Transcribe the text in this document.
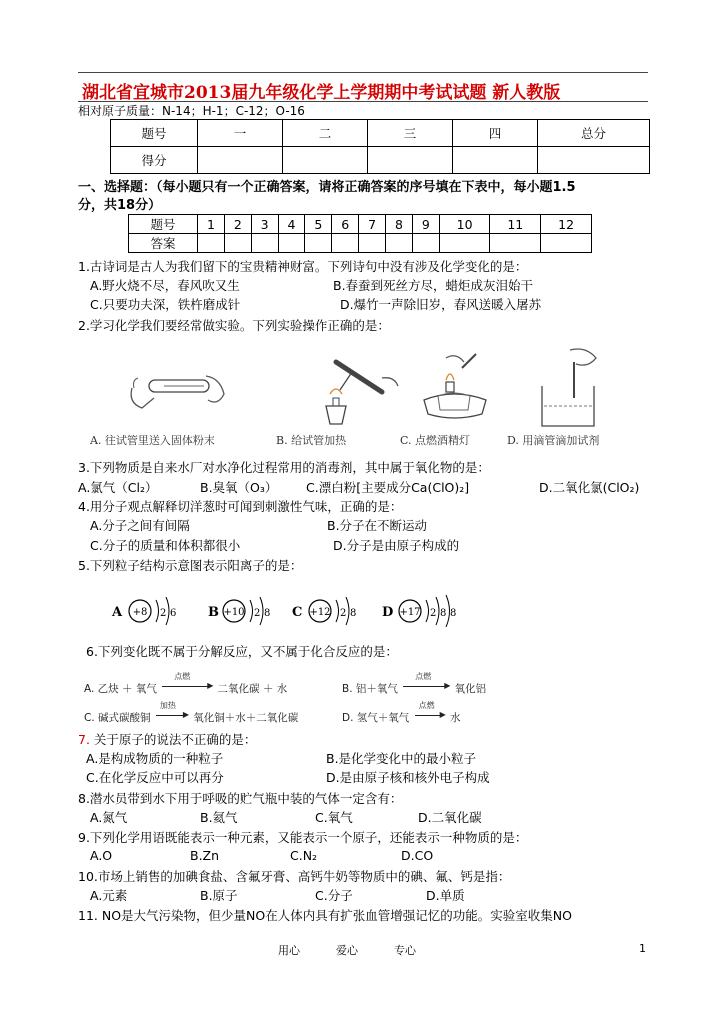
湖北省宜城市2013届九年级化学上学期期中考试试题 新人教版
相对原子质量：N-14；H-1；C-12；O-16
题号	一	二	三	四	总分
得分					
一、选择题：（每小题只有一个正确答案，请将正确答案的序号填在下表中，每小题1.5
分，共18分）
题号	1	2	3	4	5	6	7	8	9	10	11	12
答案												
1.古诗词是古人为我们留下的宝贵精神财富。下列诗句中没有涉及化学变化的是：
A.野火烧不尽，春风吹又生	B.春蚕到死丝方尽，蜡炬成灰泪始干
C.只要功夫深，铁杵磨成针	D.爆竹一声除旧岁，春风送暖入屠苏
2.学习化学我们要经常做实验。下列实验操作正确的是：
A. 往试管里送入固体粉末	B. 给试管加热	C. 点燃酒精灯	D. 用滴管滴加试剂
3.下列物质是自来水厂对水净化过程常用的消毒剂，其中属于氧化物的是：
A.氯气（Cl₂）	B.臭氧（O₃） C.漂白粉[主要成分Ca(ClO)₂]	D.二氧化氯(ClO₂)
4.用分子观点解释切洋葱时可闻到刺激性气味，正确的是：
A.分子之间有间隔	B.分子在不断运动
C.分子的质量和体积都很小	D.分子是由原子构成的
5.下列粒子结构示意图表示阳离子的是：
A +8 2 6 B +10 2 8 C +12 2 8 D +17 2 8 8
6.下列变化既不属于分解反应，又不属于化合反应的是：
A. 乙炔 ＋ 氧气
点燃
▶ 二氧化碳 ＋ 水	B. 铝＋氧气
点燃
▶ 氧化铝
C. 碱式碳酸铜
加热
▶ 氧化铜＋水＋二氧化碳	D. 氢气＋氧气
点燃
▶ 水
7. 关于原子的说法不正确的是：
A.是构成物质的一种粒子	B.是化学变化中的最小粒子
C.在化学反应中可以再分	D.是由原子核和核外电子构成
8.潜水员带到水下用于呼吸的贮气瓶中装的气体一定含有：
A.氮气	B.氦气	C.氧气	D.二氧化碳
9.下列化学用语既能表示一种元素，又能表示一个原子，还能表示一种物质的是：
A.O	B.Zn	C.N₂	D.CO
10.市场上销售的加碘食盐、含氟牙膏、高钙牛奶等物质中的碘、氟、钙是指：
A.元素	B.原子	C.分子	D.单质
11. NO是大气污染物，但少量NO在人体内具有扩张血管增强记忆的功能。实验室收集NO
用心	爱心	专心	1
